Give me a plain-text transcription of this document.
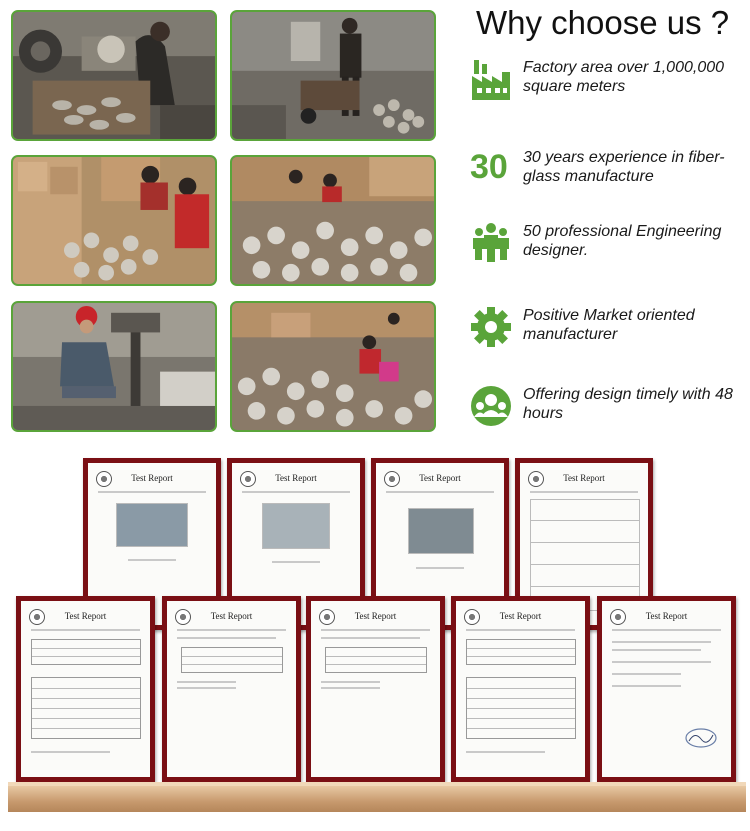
Why choose us ?
Factory area over 1,000,000 square meters
30 30 years experience in fiber-glass manufacture
50 professional Engineering designer.
Positive Market oriented manufacturer
Offering design timely with 48 hours
Test Report	Test Report	Test Report	Test Report
Test Report	Test Report	Test Report	Test Report	Test Report
